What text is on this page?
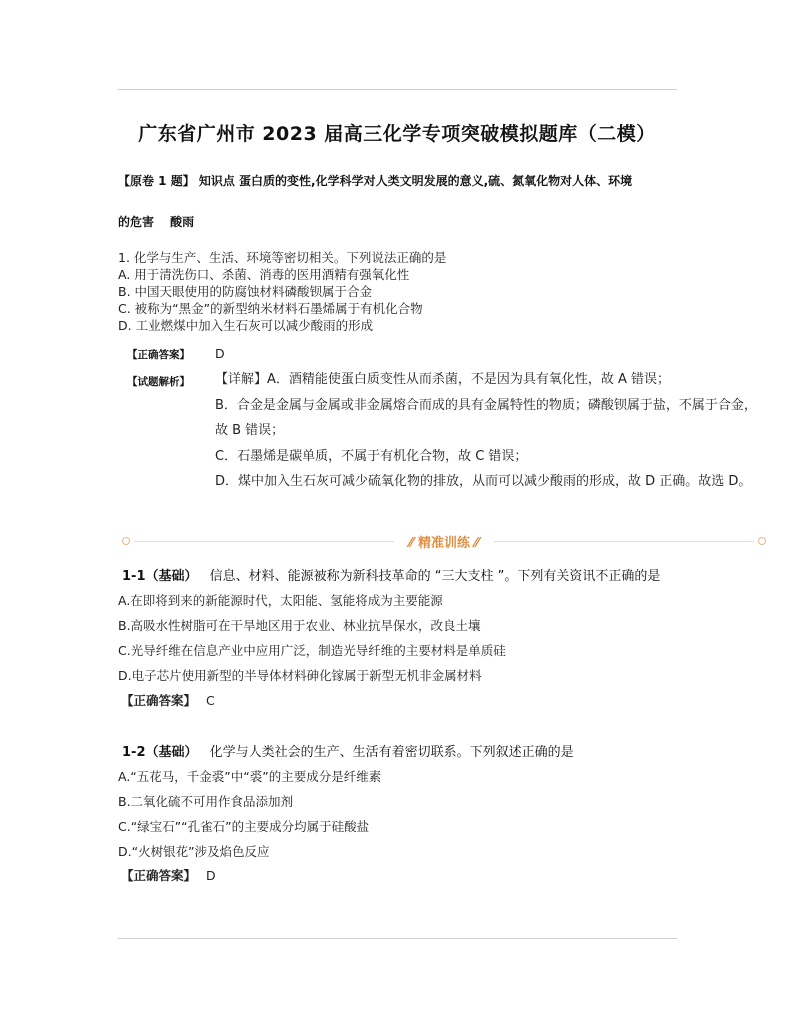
广东省广州市 2023 届高三化学专项突破模拟题库（二模）
【原卷 1 题】 知识点 蛋白质的变性,化学科学对人类文明发展的意义,硫、氮氧化物对人体、环境
的危害　 酸雨
1. 化学与生产、生活、环境等密切相关。下列说法正确的是
A. 用于清洗伤口、杀菌、消毒的医用酒精有强氧化性
B. 中国天眼使用的防腐蚀材料磷酸钡属于合金
C. 被称为“黑金”的新型纳米材料石墨烯属于有机化合物
D. 工业燃煤中加入生石灰可以减少酸雨的形成
【正确答案】 D
【试题解析】 【详解】A．酒精能使蛋白质变性从而杀菌，不是因为具有氧化性，故 A 错误；

B．合金是金属与金属或非金属熔合而成的具有金属特性的物质；磷酸钡属于盐，不属于合金，故 B 错误；

C．石墨烯是碳单质，不属于有机化合物，故 C 错误；

D．煤中加入生石灰可减少硫氧化物的排放，从而可以减少酸雨的形成，故 D 正确。故选 D。

⁄⁄ 精准训练 ⁄⁄
1-1（基础） 信息、材料、能源被称为新科技革命的 “三大支柱 ”。下列有关资讯不正确的是
A.在即将到来的新能源时代，太阳能、氢能将成为主要能源
B.高吸水性树脂可在干旱地区用于农业、林业抗旱保水，改良土壤
C.光导纤维在信息产业中应用广泛，制造光导纤维的主要材料是单质硅
D.电子芯片使用新型的半导体材料砷化镓属于新型无机非金属材料
【正确答案】 C
1-2（基础） 化学与人类社会的生产、生活有着密切联系。下列叙述正确的是
A.“五花马，千金裘”中“裘”的主要成分是纤维素
B.二氧化硫不可用作食品添加剂
C.“绿宝石”“孔雀石”的主要成分均属于硅酸盐
D.“火树银花”涉及焰色反应
【正确答案】 D
